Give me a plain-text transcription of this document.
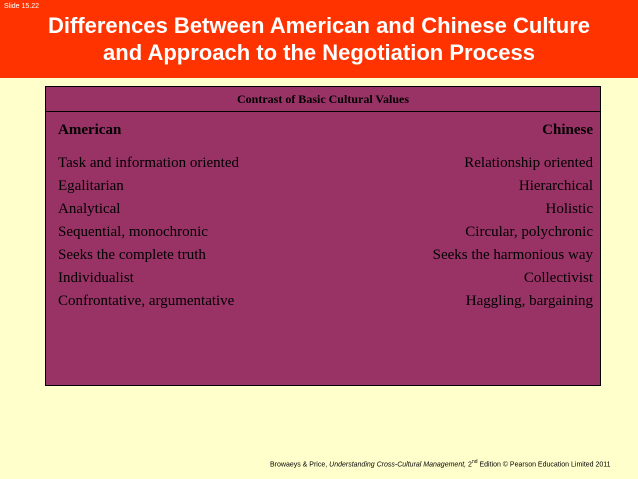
Slide 15.22
Differences Between American and Chinese Culture
and Approach to the Negotiation Process
Contrast of Basic Cultural Values
American	Chinese
Task and information oriented	Relationship oriented
Egalitarian	Hierarchical
Analytical	Holistic
Sequential, monochronic	Circular, polychronic
Seeks the complete truth	Seeks the harmonious way
Individualist	Collectivist
Confrontative, argumentative	Haggling, bargaining
Browaeys & Price, Understanding Cross-Cultural Management, 2nd Edition © Pearson Education Limited 2011
